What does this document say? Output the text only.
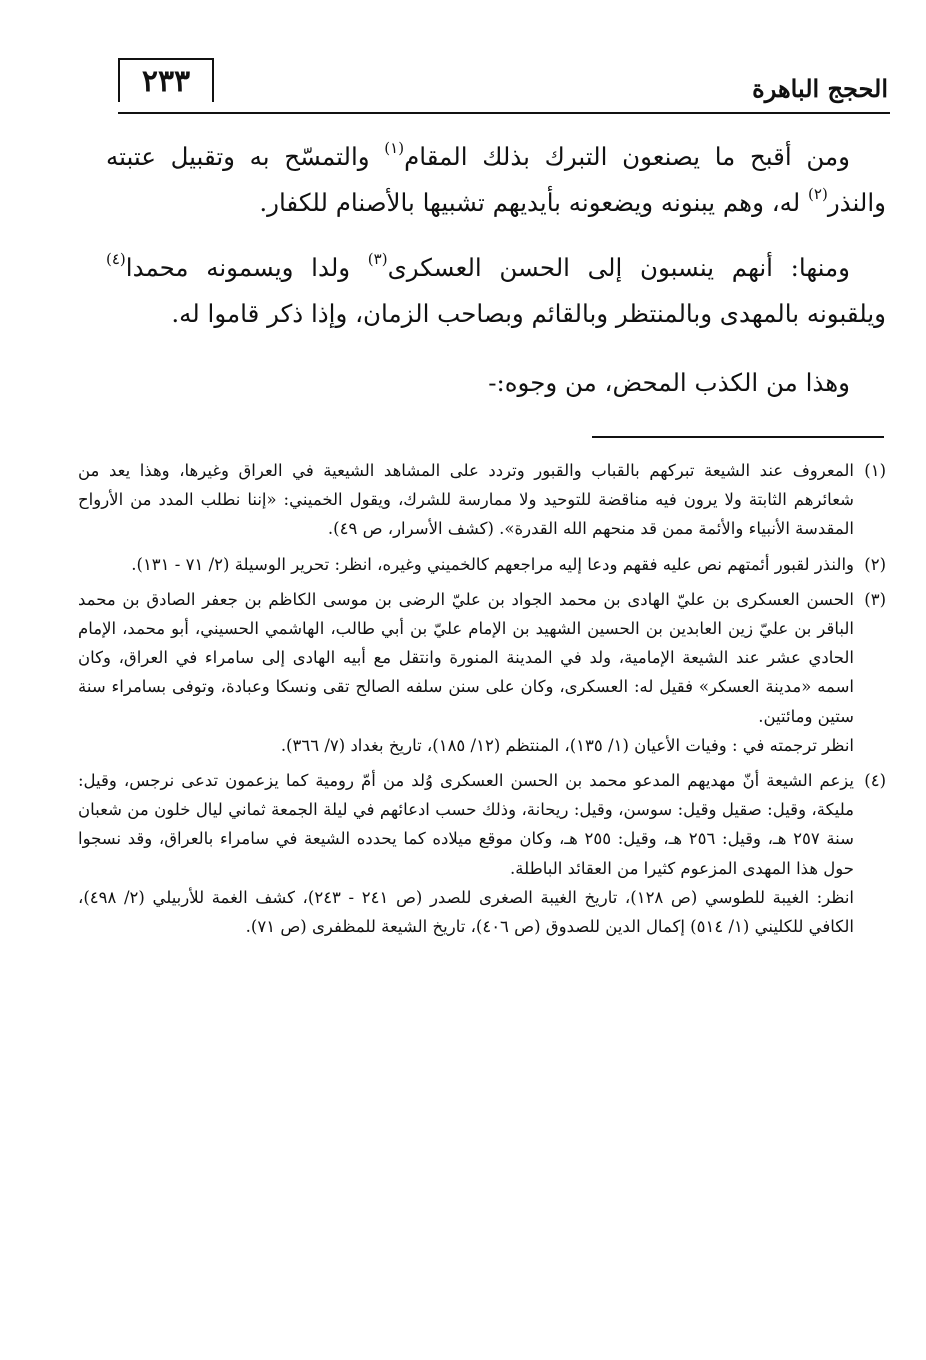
٢٣٣	الحجج الباهرة

ومن أقبح ما يصنعون التبرك بذلك المقام$^{(١)}$ والتمسّح به وتقبيل عتبته والنذر$^{(٢)}$ له، وهم يبنونه ويضعونه بأيديهم تشبيها بالأصنام للكفار.

ومنها: أنهم ينسبون إلى الحسن العسكرى$^{(٣)}$ ولدا ويسمونه محمدا$^{(٤)}$ ويلقبونه بالمهدى وبالمنتظر وبالقائم وبصاحب الزمان، وإذا ذكر قاموا له.

وهذا من الكذب المحض، من وجوه:-

(١)

المعروف عند الشيعة تبركهم بالقباب والقبور وتردد على المشاهد الشيعية في العراق وغيرها، وهذا يعد من شعائرهم الثابتة ولا يرون فيه مناقضة للتوحيد ولا ممارسة للشرك، ويقول الخميني: «إننا نطلب المدد من الأرواح المقدسة الأنبياء والأئمة ممن قد منحهم الله القدرة». (كشف الأسرار، ص ٤٩).

(٢)

والنذر لقبور أئمتهم نص عليه فقهم ودعا إليه مراجعهم كالخميني وغيره، انظر: تحرير الوسيلة (٢/ ٧١ - ١٣١).

(٣)

الحسن العسكرى بن عليّ الهادى بن محمد الجواد بن عليّ الرضى بن موسى الكاظم بن جعفر الصادق بن محمد الباقر بن عليّ زين العابدين بن الحسين الشهيد بن الإمام عليّ بن أبي طالب، الهاشمي الحسيني، أبو محمد، الإمام الحادي عشر عند الشيعة الإمامية، ولد في المدينة المنورة وانتقل مع أبيه الهادى إلى سامراء في العراق، وكان اسمه «مدينة العسكر» فقيل له: العسكرى، وكان على سنن سلفه الصالح تقى ونسكا وعبادة، وتوفى بسامراء سنة ستين ومائتين.

انظر ترجمته في : وفيات الأعيان (١/ ١٣٥)، المنتظم (١٢/ ١٨٥)، تاريخ بغداد (٧/ ٣٦٦).

(٤)

يزعم الشيعة أنّ مهديهم المدعو محمد بن الحسن العسكرى وُلد من أمّ رومية كما يزعمون تدعى نرجس، وقيل: مليكة، وقيل: صقيل وقيل: سوسن، وقيل: ريحانة، وذلك حسب ادعائهم في ليلة الجمعة ثماني ليال خلون من شعبان سنة ٢٥٧ هـ، وقيل: ٢٥٦ هـ، وقيل: ٢٥٥ هـ، وكان موقع ميلاده كما يحدده الشيعة في سامراء بالعراق، وقد نسجوا حول هذا المهدى المزعوم كثيرا من العقائد الباطلة.

انظر: الغيبة للطوسي (ص ١٢٨)، تاريخ الغيبة الصغرى للصدر (ص ٢٤١ - ٢٤٣)، كشف الغمة للأربيلي (٢/ ٤٩٨)، الكافي للكليني (١/ ٥١٤) إكمال الدين للصدوق (ص ٤٠٦)، تاريخ الشيعة للمظفرى (ص ٧١).
